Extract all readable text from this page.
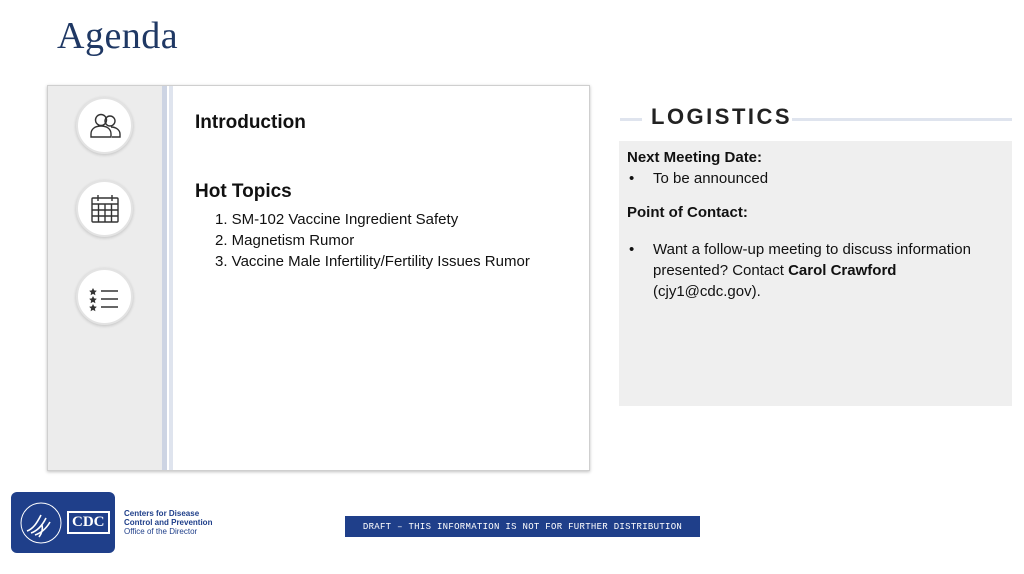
Agenda
Introduction
Hot Topics
1. SM-102 Vaccine Ingredient Safety
2. Magnetism Rumor
3. Vaccine Male Infertility/Fertility Issues Rumor
LOGISTICS
Next Meeting Date:
•	To be announced
Point of Contact:
•	Want a follow-up meeting to discuss information presented? Contact Carol Crawford (cjy1@cdc.gov).
CDC
Centers for Disease
Control and Prevention
Office of the Director	DRAFT – THIS INFORMATION IS NOT FOR FURTHER DISTRIBUTION
